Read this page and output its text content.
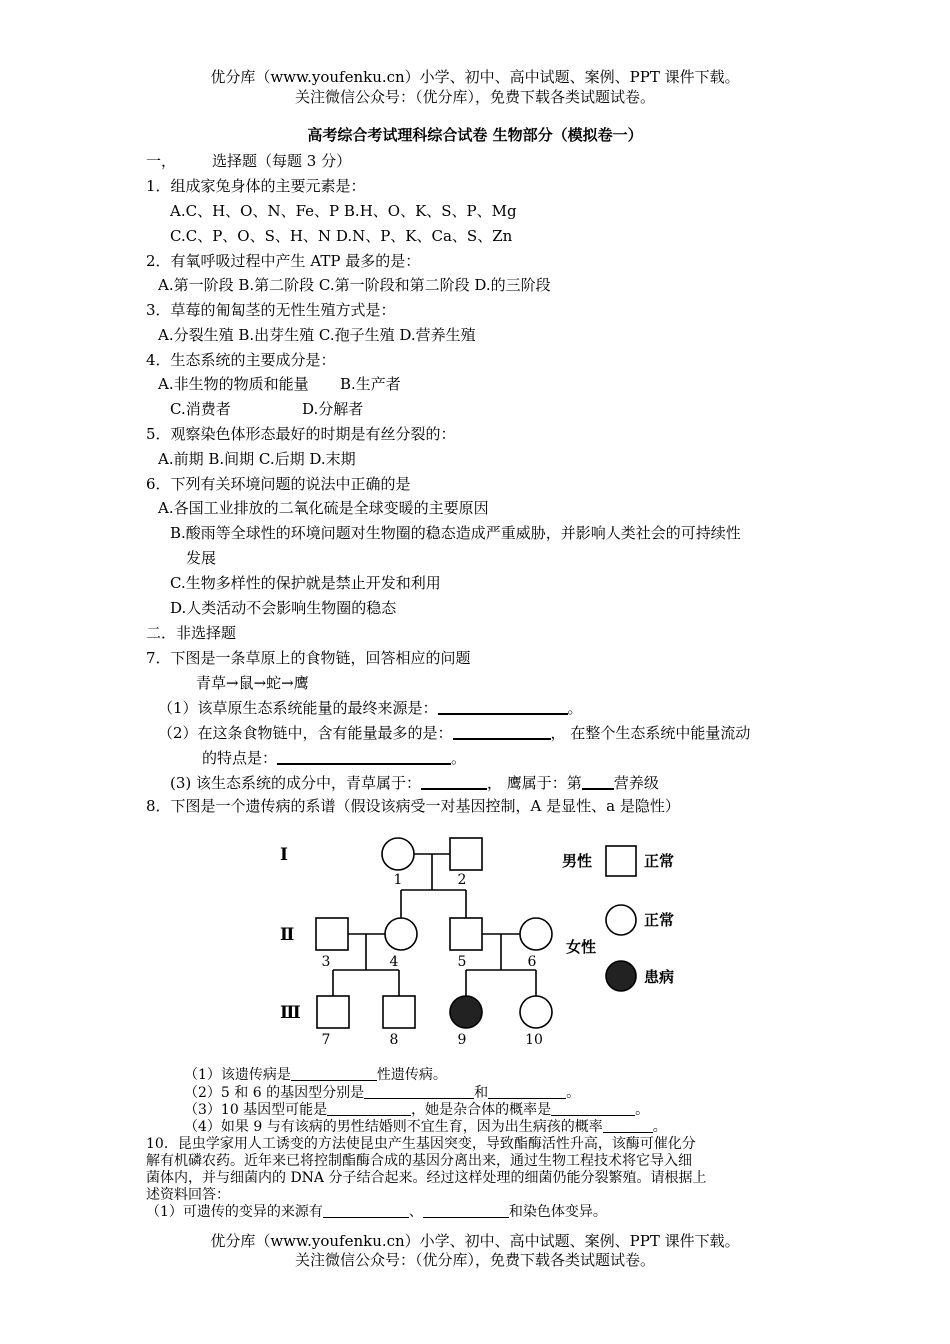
优分库（www.youfenku.cn）小学、初中、高中试题、案例、PPT 课件下载。
关注微信公众号：（优分库），免费下载各类试题试卷。
高考综合考试理科综合试卷 生物部分（模拟卷一）
一， 选择题（每题 3 分）
1．组成家兔身体的主要元素是：
A.C、H、O、N、Fe、P B.H、O、K、S、P、Mg
C.C、P、O、S、H、N D.N、P、K、Ca、S、Zn
2．有氧呼吸过程中产生 ATP 最多的是：
A.第一阶段 B.第二阶段 C.第一阶段和第二阶段 D.的三阶段
3．草莓的匍匐茎的无性生殖方式是：
A.分裂生殖 B.出芽生殖 C.孢子生殖 D.营养生殖
4．生态系统的主要成分是：
A.非生物的物质和能量 B.生产者
C.消费者	D.分解者
5．观察染色体形态最好的时期是有丝分裂的：
A.前期 B.间期 C.后期 D.末期
6．下列有关环境问题的说法中正确的是
A.各国工业排放的二氧化硫是全球变暖的主要原因
B.酸雨等全球性的环境问题对生物圈的稳态造成严重威胁，并影响人类社会的可持续性
发展
C.生物多样性的保护就是禁止开发和利用
D.人类活动不会影响生物圈的稳态
二．非选择题
7．下图是一条草原上的食物链，回答相应的问题
青草→鼠→蛇→鹰
（1）该草原生态系统能量的最终来源是：	。
（2）在这条食物链中，含有能量最多的是：	， 在整个生态系统中能量流动
的特点是：	。
(3) 该生态系统的成分中，青草属于：	， 鹰属于：第 营养级
8．下图是一个遗传病的系谱（假设该病受一对基因控制，A 是显性、a 是隐性）
Ⅰ
Ⅱ
Ⅲ
1	2
3	4	5	6
7	8	9	10
男性	正常
正常
女性
患病
（1）该遗传病是	性遗传病。
（2）5 和 6 的基因型分别是	和	。
（3）10 基因型可能是	，她是杂合体的概率是	。
（4）如果 9 与有该病的男性结婚则不宜生育，因为出生病孩的概率	。
10．昆虫学家用人工诱变的方法使昆虫产生基因突变，导致酯酶活性升高，该酶可催化分
解有机磷农药。近年来已将控制酯酶合成的基因分离出来，通过生物工程技术将它导入细
菌体内，并与细菌内的 DNA 分子结合起来。经过这样处理的细菌仍能分裂繁殖。请根据上
述资料回答：
（1）可遗传的变异的来源有	、	和染色体变异。
优分库（www.youfenku.cn）小学、初中、高中试题、案例、PPT 课件下载。
关注微信公众号：（优分库），免费下载各类试题试卷。
